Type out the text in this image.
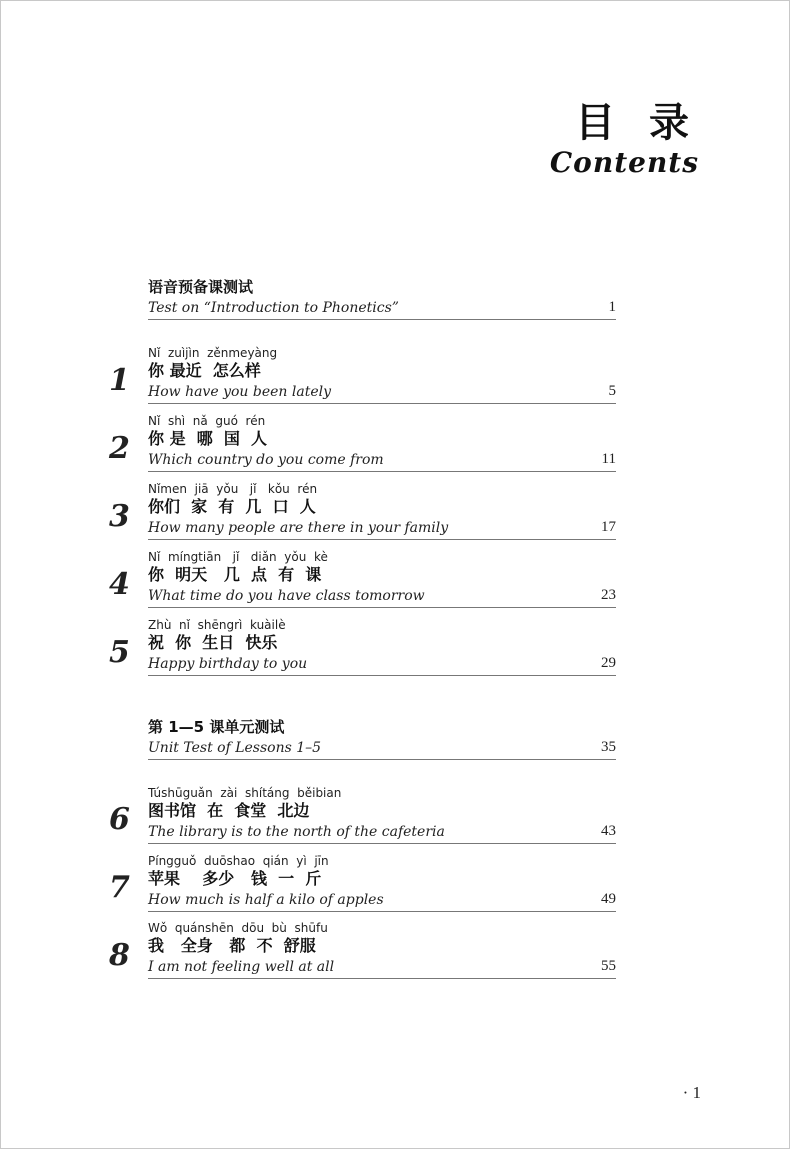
目 录
Contents
语音预备课测试
Test on “Introduction to Phonetics”	1
1
Nǐ  zuìjìn  zěnmeyàng
你 最近  怎么样
How have you been lately	5
2
Nǐ  shì  nǎ  guó  rén
你 是  哪  国  人
Which country do you come from	11
3
Nǐmen  jiā  yǒu   jǐ   kǒu  rén
你们  家  有  几  口  人
How many people are there in your family	17
4
Nǐ  míngtiān   jǐ   diǎn  yǒu  kè
你  明天   几  点  有  课
What time do you have class tomorrow	23
5
Zhù  nǐ  shēngrì  kuàilè
祝  你  生日  快乐
Happy birthday to you	29
第 1—5 课单元测试
Unit Test of Lessons 1–5	35
6
Túshūguǎn  zài  shítáng  běibian
图书馆  在  食堂  北边
The library is to the north of the cafeteria	43
7
Píngguǒ  duōshao  qián  yì  jīn
苹果    多少   钱  一  斤
How much is half a kilo of apples	49
8
Wǒ  quánshēn  dōu  bù  shūfu
我   全身   都  不  舒服
I am not feeling well at all	55
· 1
